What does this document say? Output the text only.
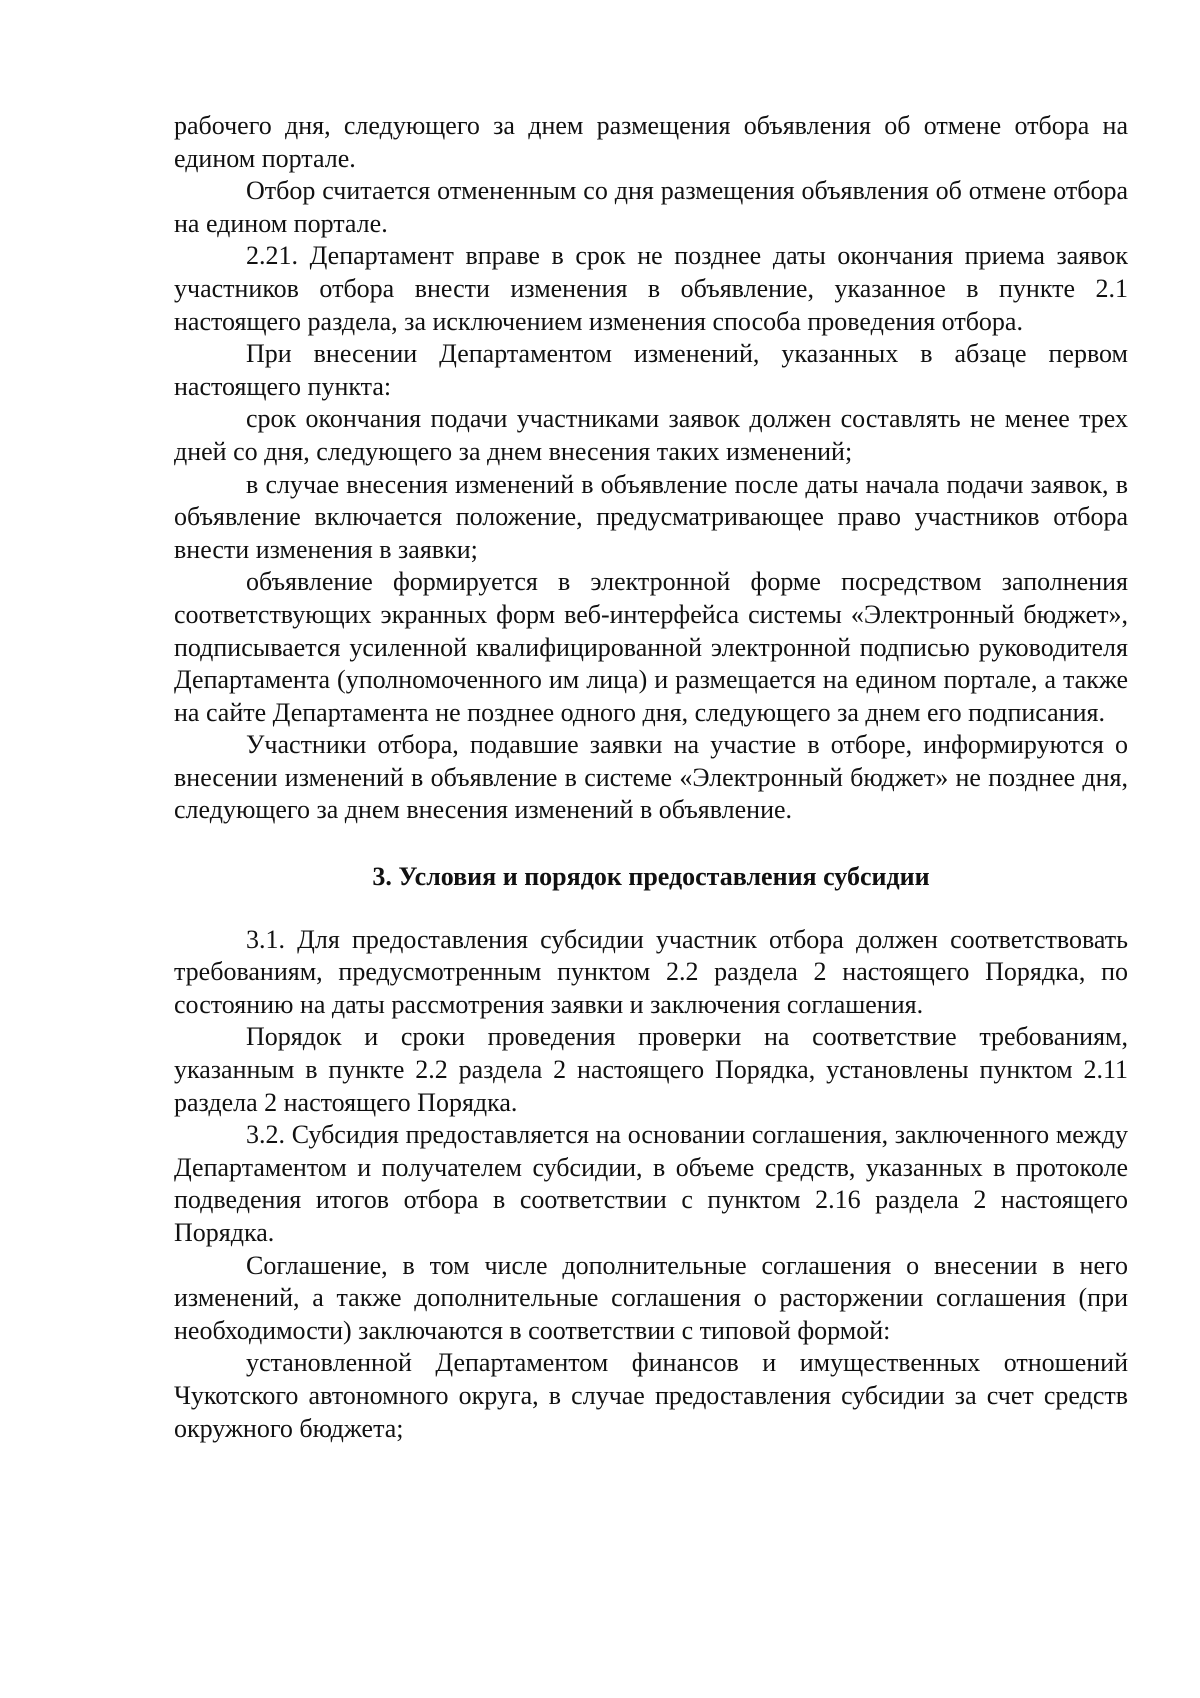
рабочего дня, следующего за днем размещения объявления об отмене отбора на едином портале.

Отбор считается отмененным со дня размещения объявления об отмене отбора на едином портале.

2.21. Департамент вправе в срок не позднее даты окончания приема заявок участников отбора внести изменения в объявление, указанное в пункте 2.1 настоящего раздела, за исключением изменения способа проведения отбора.

При внесении Департаментом изменений, указанных в абзаце первом настоящего пункта:

срок окончания подачи участниками заявок должен составлять не менее трех дней со дня, следующего за днем внесения таких изменений;

в случае внесения изменений в объявление после даты начала подачи заявок, в объявление включается положение, предусматривающее право участников отбора внести изменения в заявки;

объявление формируется в электронной форме посредством заполнения соответствующих экранных форм веб-интерфейса системы «Электронный бюджет», подписывается усиленной квалифицированной электронной подписью руководителя Департамента (уполномоченного им лица) и размещается на едином портале, а также на сайте Департамента не позднее одного дня, следующего за днем его подписания.

Участники отбора, подавшие заявки на участие в отборе, информируются о внесении изменений в объявление в системе «Электронный бюджет» не позднее дня, следующего за днем внесения изменений в объявление.

3. Условия и порядок предоставления субсидии

3.1. Для предоставления субсидии участник отбора должен соответствовать требованиям, предусмотренным пунктом 2.2 раздела 2 настоящего Порядка, по состоянию на даты рассмотрения заявки и заключения соглашения.

Порядок и сроки проведения проверки на соответствие требованиям, указанным в пункте 2.2 раздела 2 настоящего Порядка, установлены пунктом 2.11 раздела 2 настоящего Порядка.

3.2. Субсидия предоставляется на основании соглашения, заключенного между Департаментом и получателем субсидии, в объеме средств, указанных в протоколе подведения итогов отбора в соответствии с пунктом 2.16 раздела 2 настоящего Порядка.

Соглашение, в том числе дополнительные соглашения о внесении в него изменений, а также дополнительные соглашения о расторжении соглашения (при необходимости) заключаются в соответствии с типовой формой:

установленной Департаментом финансов и имущественных отношений Чукотского автономного округа, в случае предоставления субсидии за счет средств окружного бюджета;
